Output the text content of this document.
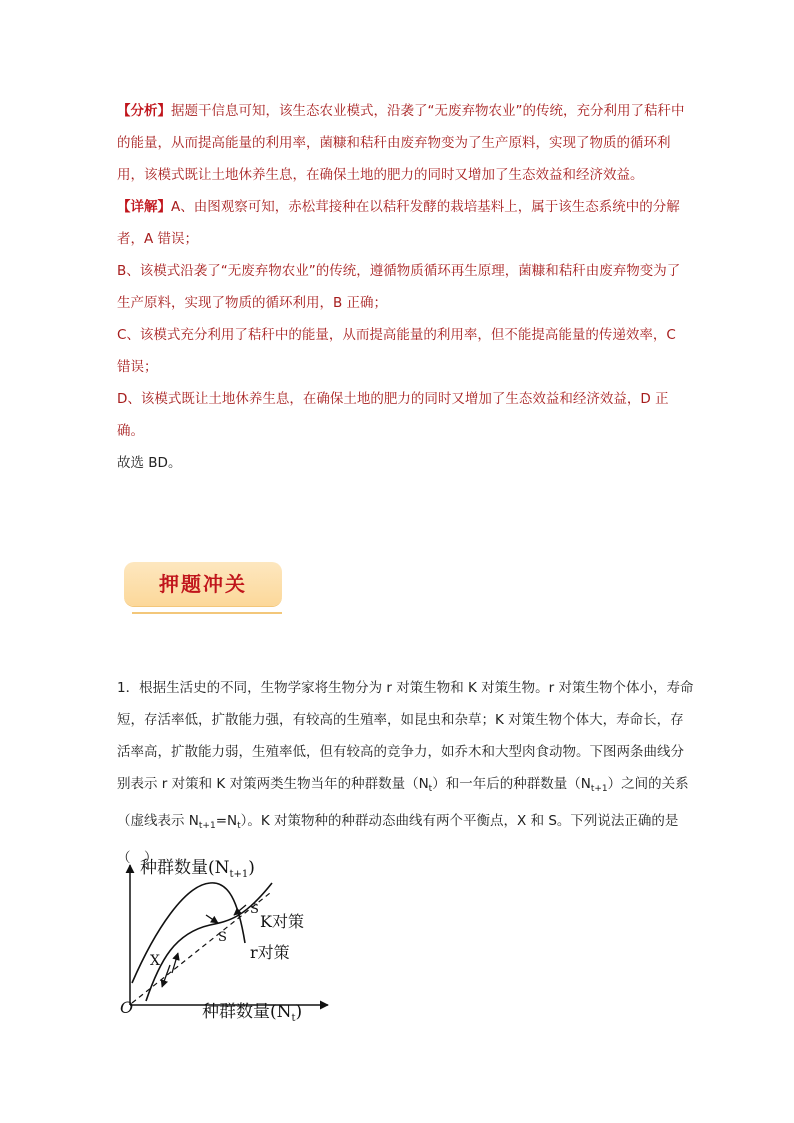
【分析】据题干信息可知，该生态农业模式，沿袭了“无废弃物农业”的传统，充分利用了秸秆中的能量，从而提高能量的利用率，菌糠和秸秆由废弃物变为了生产原料，实现了物质的循环利用，该模式既让土地休养生息，在确保土地的肥力的同时又增加了生态效益和经济效益。

【详解】A、由图观察可知，赤松茸接种在以秸秆发酵的栽培基料上，属于该生态系统中的分解者，A 错误；

B、该模式沿袭了“无废弃物农业”的传统，遵循物质循环再生原理，菌糠和秸秆由废弃物变为了生产原料，实现了物质的循环利用，B 正确；

C、该模式充分利用了秸秆中的能量，从而提高能量的利用率，但不能提高能量的传递效率，C 错误；

D、该模式既让土地休养生息，在确保土地的肥力的同时又增加了生态效益和经济效益，D 正确。

故选 BD。

押题冲关

1．根据生活史的不同，生物学家将生物分为 r 对策生物和 K 对策生物。r 对策生物个体小，寿命短，存活率低，扩散能力强，有较高的生殖率，如昆虫和杂草；K 对策生物个体大，寿命长，存活率高，扩散能力弱，生殖率低，但有较高的竞争力，如乔木和大型肉食动物。下图两条曲线分别表示 r 对策和 K 对策两类生物当年的种群数量$(N_t)$和一年后的种群数量$(N_{t+1})$之间的关系（虚线表示 $N_{t+1}=N_t$）。K 对策物种的种群动态曲线有两个平衡点，X 和 S。下列说法正确的是（　）

种群数量$(N_{t+1})$
种群数量$(N_t)$
O
K对策
r对策
S
S
X
